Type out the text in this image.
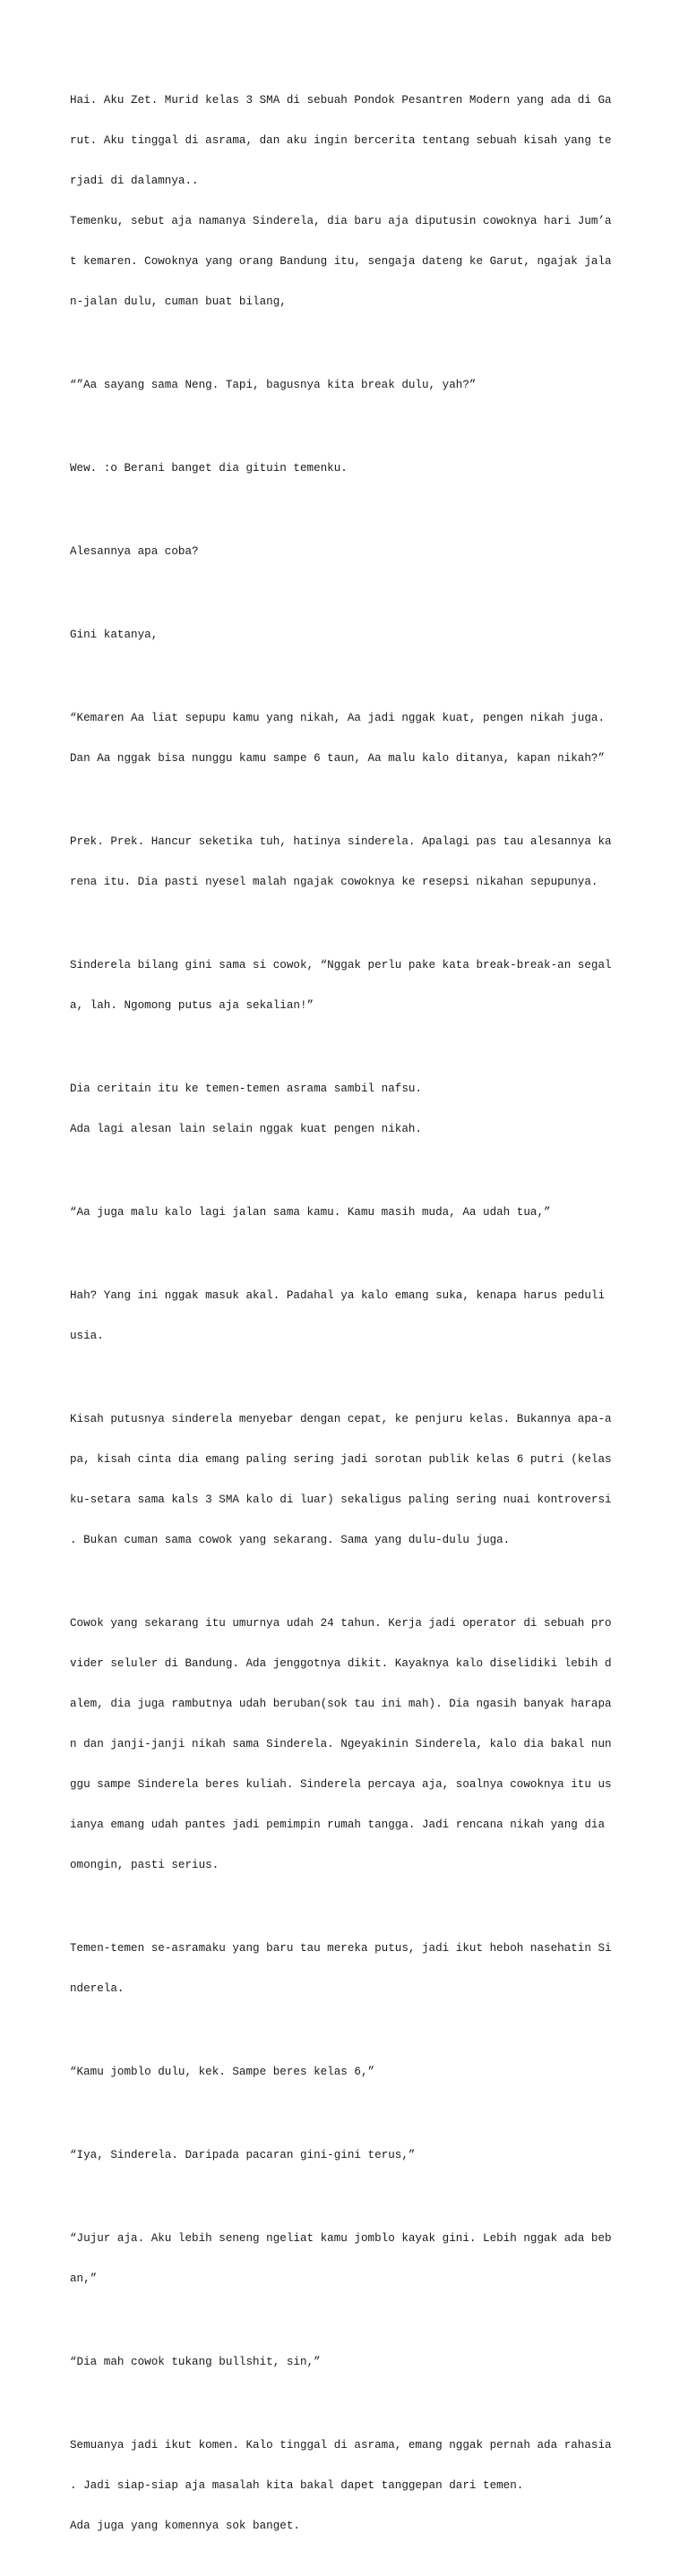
Hai. Aku Zet. Murid kelas 3 SMA di sebuah Pondok Pesantren Modern yang ada di Ga

rut. Aku tinggal di asrama, dan aku ingin bercerita tentang sebuah kisah yang te

rjadi di dalamnya..

Temenku, sebut aja namanya Sinderela, dia baru aja diputusin cowoknya hari Jum’a

t kemaren. Cowoknya yang orang Bandung itu, sengaja dateng ke Garut, ngajak jala

n-jalan dulu, cuman buat bilang,

“”Aa sayang sama Neng. Tapi, bagusnya kita break dulu, yah?”

Wew. :o Berani banget dia gituin temenku.

Alesannya apa coba?

Gini katanya,

“Kemaren Aa liat sepupu kamu yang nikah, Aa jadi nggak kuat, pengen nikah juga.

Dan Aa nggak bisa nunggu kamu sampe 6 taun, Aa malu kalo ditanya, kapan nikah?”

Prek. Prek. Hancur seketika tuh, hatinya sinderela. Apalagi pas tau alesannya ka

rena itu. Dia pasti nyesel malah ngajak cowoknya ke resepsi nikahan sepupunya.

Sinderela bilang gini sama si cowok, “Nggak perlu pake kata break-break-an segal

a, lah. Ngomong putus aja sekalian!”

Dia ceritain itu ke temen-temen asrama sambil nafsu.

Ada lagi alesan lain selain nggak kuat pengen nikah.

“Aa juga malu kalo lagi jalan sama kamu. Kamu masih muda, Aa udah tua,”

Hah? Yang ini nggak masuk akal. Padahal ya kalo emang suka, kenapa harus peduli

usia.

Kisah putusnya sinderela menyebar dengan cepat, ke penjuru kelas. Bukannya apa-a

pa, kisah cinta dia emang paling sering jadi sorotan publik kelas 6 putri (kelas

ku-setara sama kals 3 SMA kalo di luar) sekaligus paling sering nuai kontroversi

. Bukan cuman sama cowok yang sekarang. Sama yang dulu-dulu juga.

Cowok yang sekarang itu umurnya udah 24 tahun. Kerja jadi operator di sebuah pro

vider seluler di Bandung. Ada jenggotnya dikit. Kayaknya kalo diselidiki lebih d

alem, dia juga rambutnya udah beruban(sok tau ini mah). Dia ngasih banyak harapa

n dan janji-janji nikah sama Sinderela. Ngeyakinin Sinderela, kalo dia bakal nun

ggu sampe Sinderela beres kuliah. Sinderela percaya aja, soalnya cowoknya itu us

ianya emang udah pantes jadi pemimpin rumah tangga. Jadi rencana nikah yang dia

omongin, pasti serius.

Temen-temen se-asramaku yang baru tau mereka putus, jadi ikut heboh nasehatin Si

nderela.

“Kamu jomblo dulu, kek. Sampe beres kelas 6,”

“Iya, Sinderela. Daripada pacaran gini-gini terus,”

“Jujur aja. Aku lebih seneng ngeliat kamu jomblo kayak gini. Lebih nggak ada beb

an,”

“Dia mah cowok tukang bullshit, sin,”

Semuanya jadi ikut komen. Kalo tinggal di asrama, emang nggak pernah ada rahasia

. Jadi siap-siap aja masalah kita bakal dapet tanggepan dari temen.

Ada juga yang komennya sok banget.
